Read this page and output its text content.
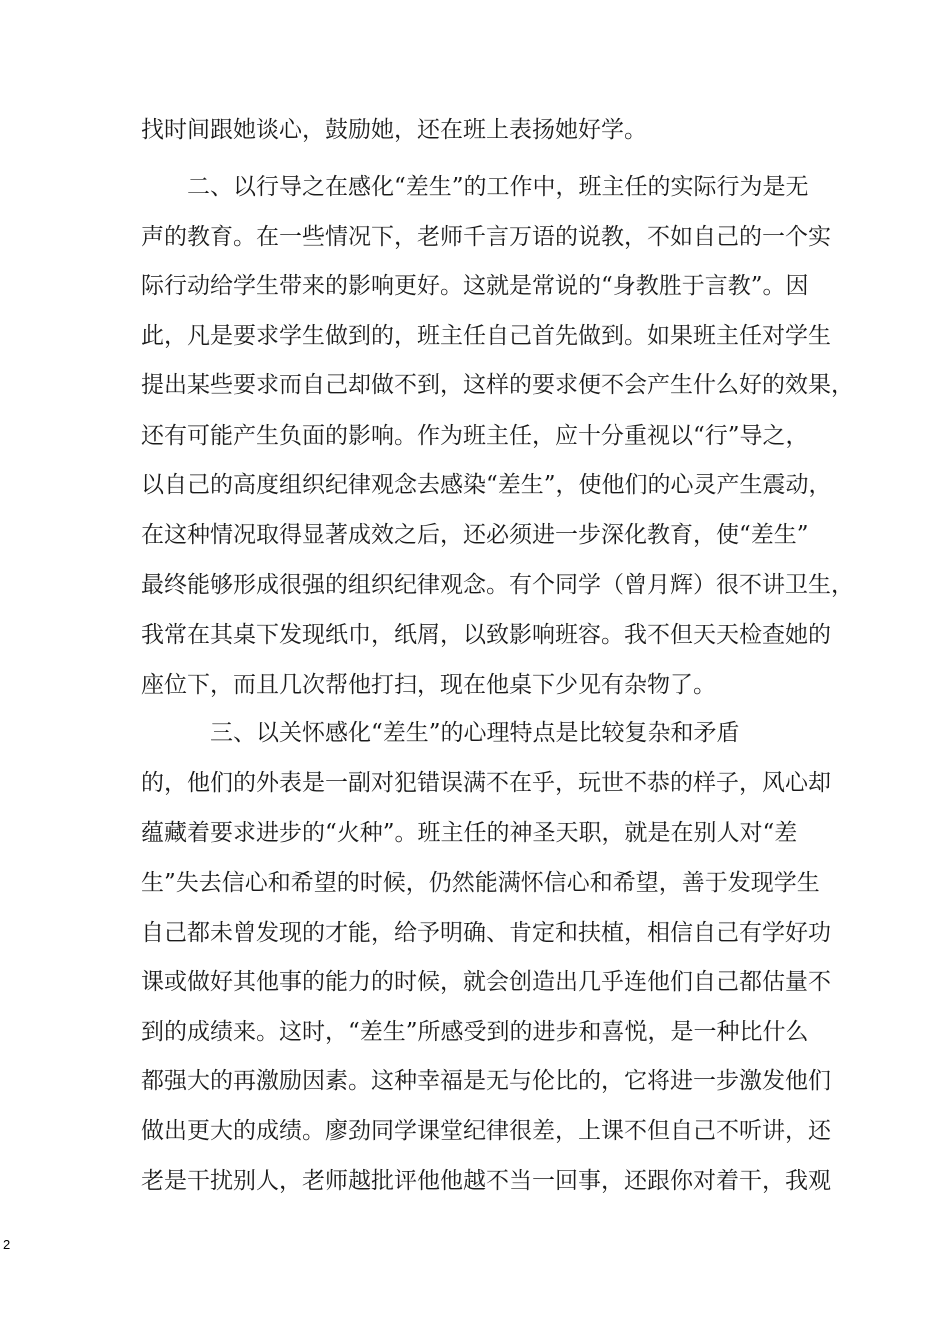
找时间跟她谈心，鼓励她，还在班上表扬她好学。
　　二、以行导之在感化“差生”的工作中，班主任的实际行为是无
声的教育。在一些情况下，老师千言万语的说教，不如自己的一个实
际行动给学生带来的影响更好。这就是常说的“身教胜于言教”。因
此，凡是要求学生做到的，班主任自己首先做到。如果班主任对学生
提出某些要求而自己却做不到，这样的要求便不会产生什么好的效果，
还有可能产生负面的影响。作为班主任，应十分重视以“行”导之，
以自己的高度组织纪律观念去感染“差生”，使他们的心灵产生震动，
在这种情况取得显著成效之后，还必须进一步深化教育，使“差生”
最终能够形成很强的组织纪律观念。有个同学（曾月辉）很不讲卫生，
我常在其桌下发现纸巾，纸屑，以致影响班容。我不但天天检查她的
座位下，而且几次帮他打扫，现在他桌下少见有杂物了。
　　　三、以关怀感化“差生”的心理特点是比较复杂和矛盾
的，他们的外表是一副对犯错误满不在乎，玩世不恭的样子，风心却
蕴藏着要求进步的“火种”。班主任的神圣天职，就是在别人对“差
生”失去信心和希望的时候，仍然能满怀信心和希望，善于发现学生
自己都未曾发现的才能，给予明确、肯定和扶植，相信自己有学好功
课或做好其他事的能力的时候，就会创造出几乎连他们自己都估量不
到的成绩来。这时，“差生”所感受到的进步和喜悦，是一种比什么
都强大的再激励因素。这种幸福是无与伦比的，它将进一步激发他们
做出更大的成绩。廖劲同学课堂纪律很差，上课不但自己不听讲，还
老是干扰别人，老师越批评他他越不当一回事，还跟你对着干，我观
2
